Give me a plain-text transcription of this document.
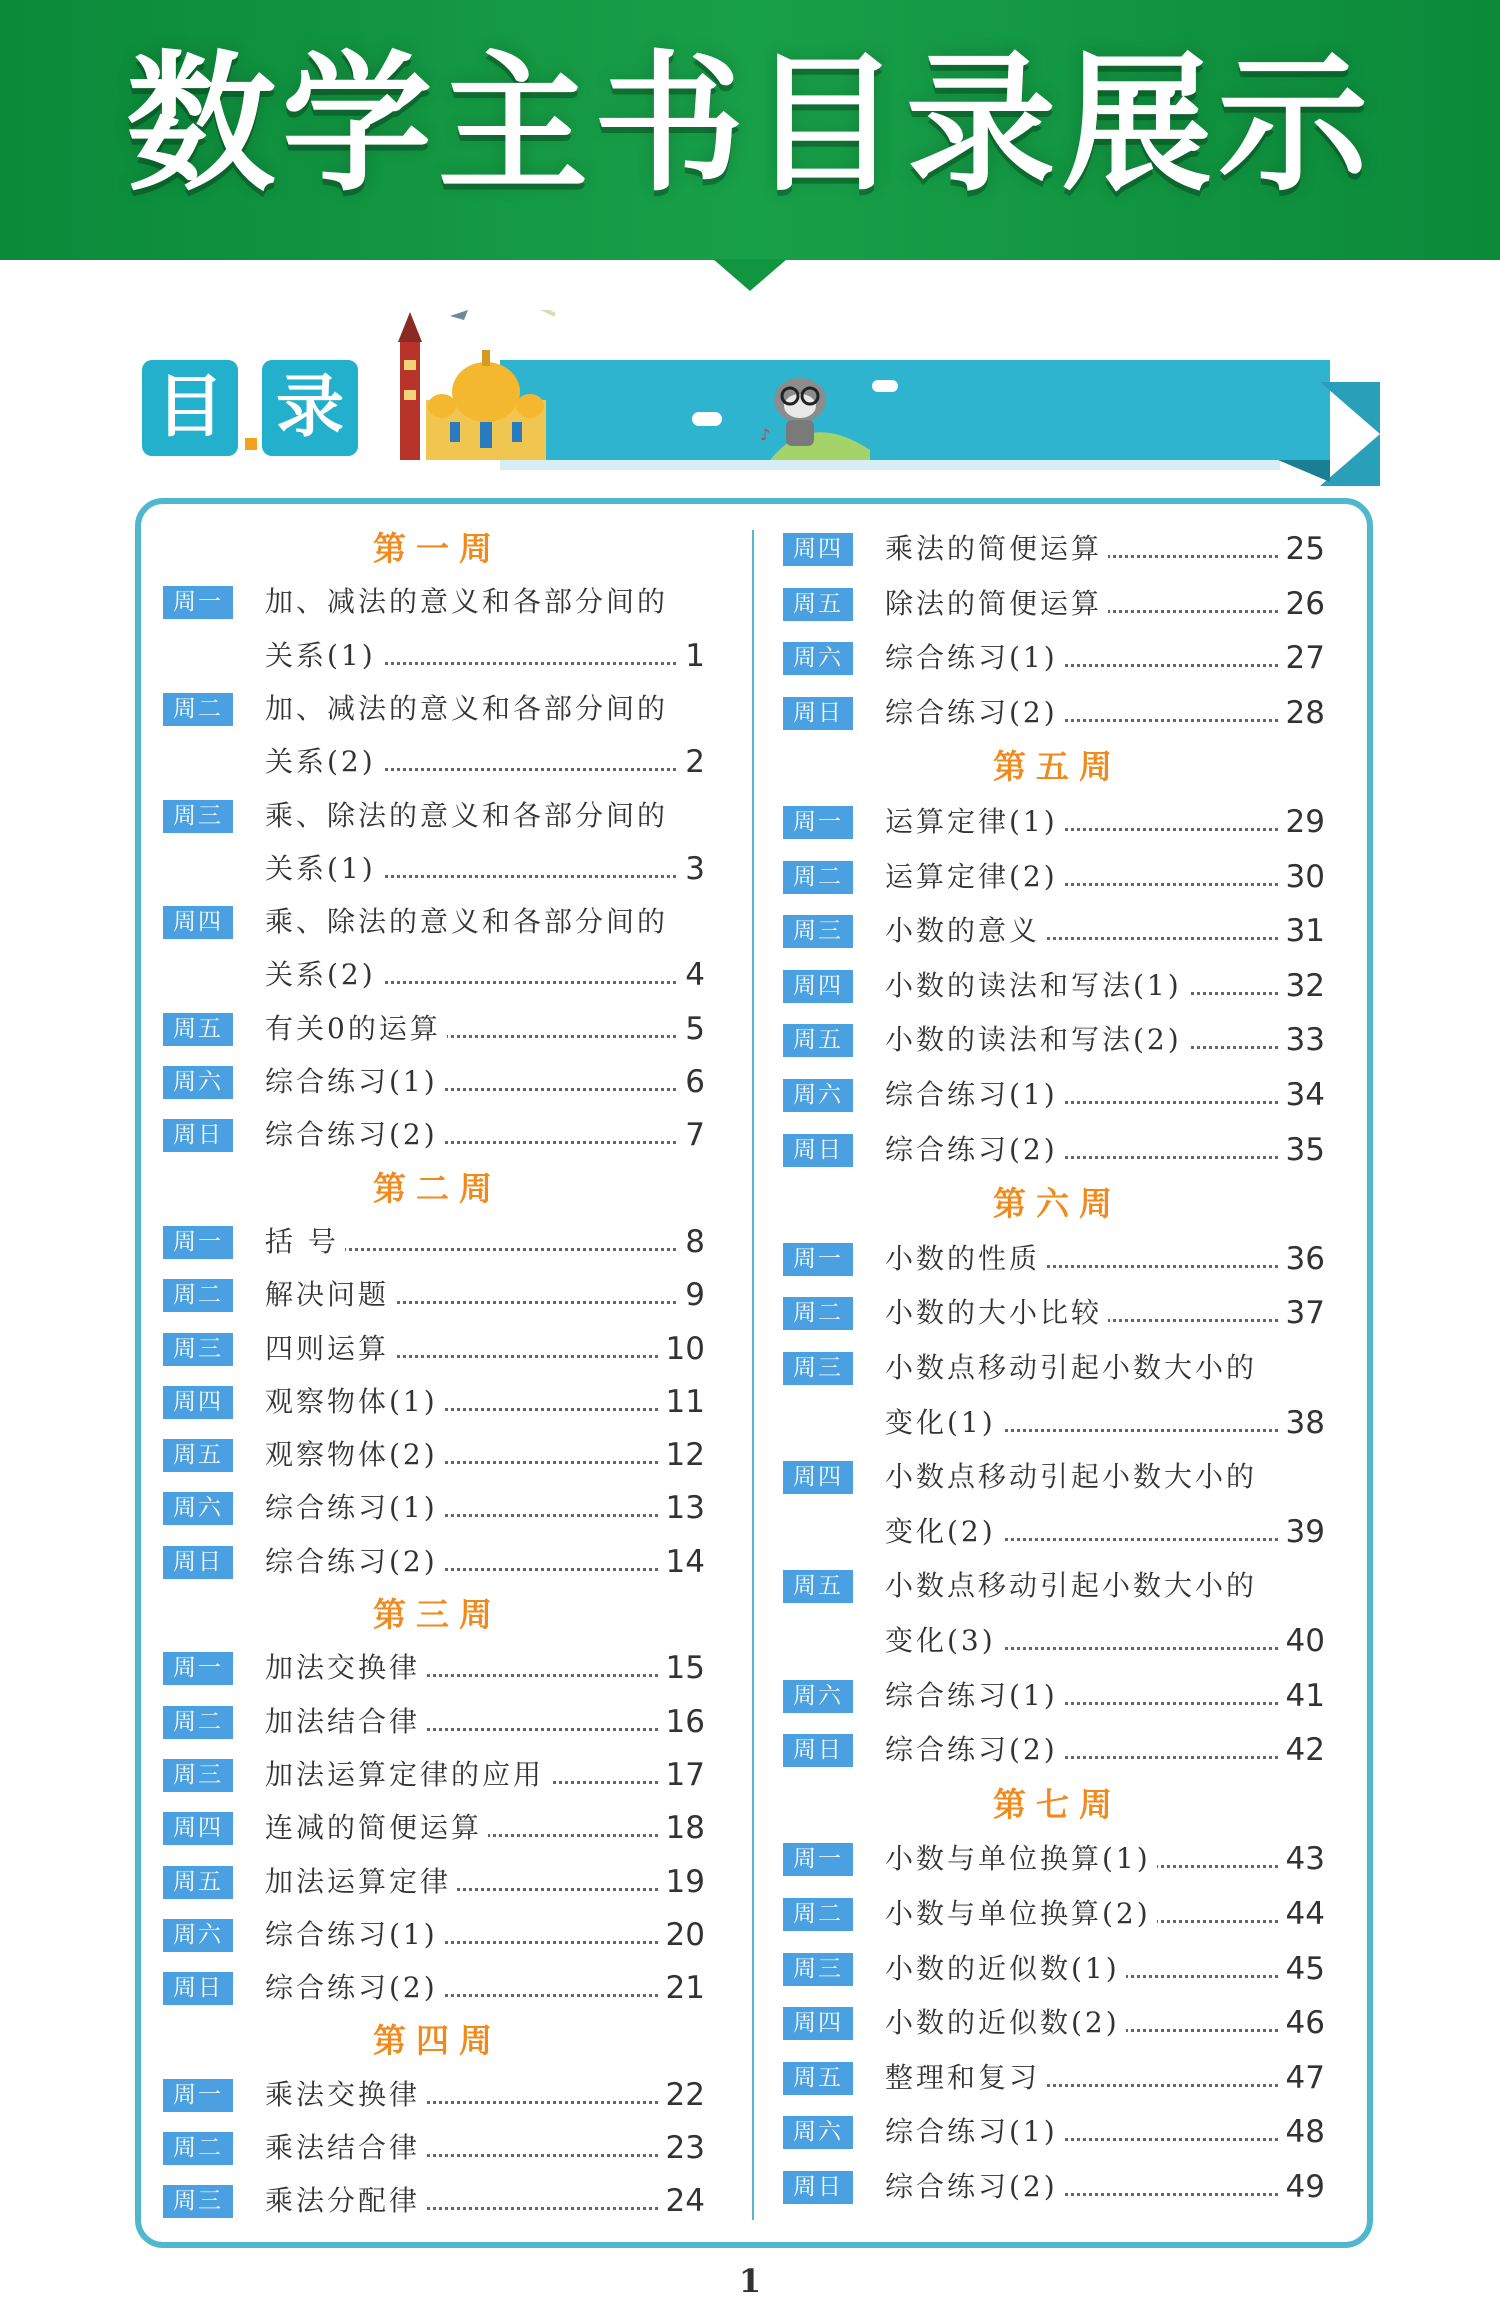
数学主书目录展示
目 录	♪
第一周
周一	加、减法的意义和各部分间的
关系(1)	1
周二	加、减法的意义和各部分间的
关系(2)	2
周三	乘、除法的意义和各部分间的
关系(1)	3
周四	乘、除法的意义和各部分间的
关系(2)	4
周五	有关0的运算	5
周六	综合练习(1)	6
周日	综合练习(2)	7
第二周
周一	括 号	8
周二	解决问题	9
周三	四则运算	10
周四	观察物体(1)	11
周五	观察物体(2)	12
周六	综合练习(1)	13
周日	综合练习(2)	14
第三周
周一	加法交换律	15
周二	加法结合律	16
周三	加法运算定律的应用	17
周四	连减的简便运算	18
周五	加法运算定律	19
周六	综合练习(1)	20
周日	综合练习(2)	21
第四周
周一	乘法交换律	22
周二	乘法结合律	23
周三	乘法分配律	24
周四	乘法的简便运算	25
周五	除法的简便运算	26
周六	综合练习(1)	27
周日	综合练习(2)	28
第五周
周一	运算定律(1)	29
周二	运算定律(2)	30
周三	小数的意义	31
周四	小数的读法和写法(1)	32
周五	小数的读法和写法(2)	33
周六	综合练习(1)	34
周日	综合练习(2)	35
第六周
周一	小数的性质	36
周二	小数的大小比较	37
周三	小数点移动引起小数大小的
变化(1)	38
周四	小数点移动引起小数大小的
变化(2)	39
周五	小数点移动引起小数大小的
变化(3)	40
周六	综合练习(1)	41
周日	综合练习(2)	42
第七周
周一	小数与单位换算(1)	43
周二	小数与单位换算(2)	44
周三	小数的近似数(1)	45
周四	小数的近似数(2)	46
周五	整理和复习	47
周六	综合练习(1)	48
周日	综合练习(2)	49
1
